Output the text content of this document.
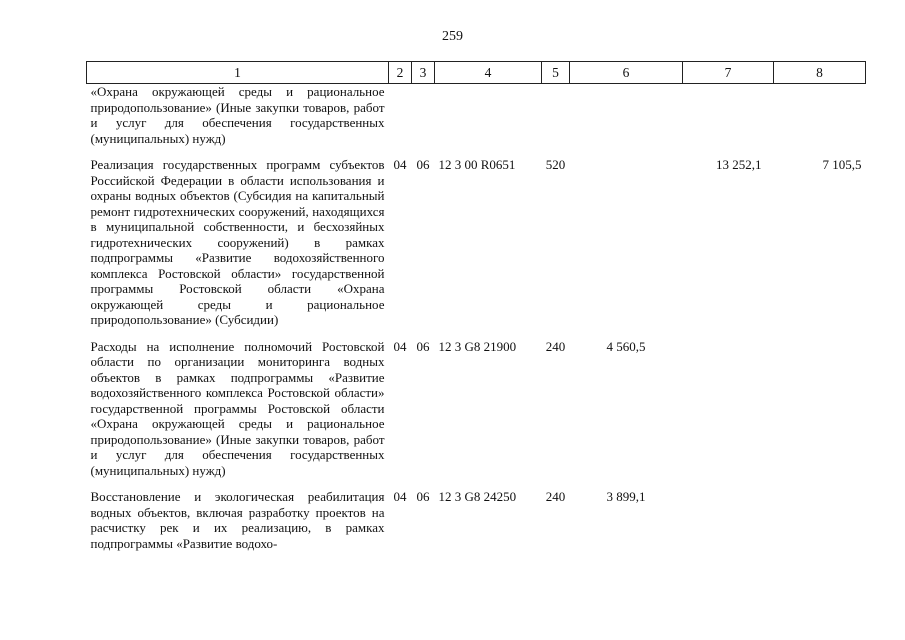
259
1	2	3	4	5	6	7	8
«Охрана окружающей среды и рациональное природопользование» (Иные закупки товаров, работ и услуг для обеспечения государственных (муниципальных) нужд)							
Реализация государственных программ субъектов Российской Федерации в области использования и охраны водных объектов (Субсидия на капитальный ремонт гидротехнических сооружений, находящихся в муниципальной собственности, и бесхозяйных гидротехнических сооружений) в рамках подпрограммы «Развитие водохозяйственного комплекса Ростовской области» государственной программы Ростовской области «Охрана окружающей среды и рациональное природопользование» (Субсидии)	04	06	12 3 00 R0651	520		13 252,1	7 105,5
Расходы на исполнение полномочий Ростовской области по организации мониторинга водных объектов в рамках подпрограммы «Развитие водохозяйственного комплекса Ростовской области» государственной программы Ростовской области «Охрана окружающей среды и рациональное природопользование» (Иные закупки товаров, работ и услуг для обеспечения государственных (муниципальных) нужд)	04	06	12 3 G8 21900	240	4 560,5		
Восстановление и экологическая реабилитация водных объектов, включая разработку проектов на расчистку рек и их реализацию, в рамках подпрограммы «Развитие водохо-	04	06	12 3 G8 24250	240	3 899,1		
